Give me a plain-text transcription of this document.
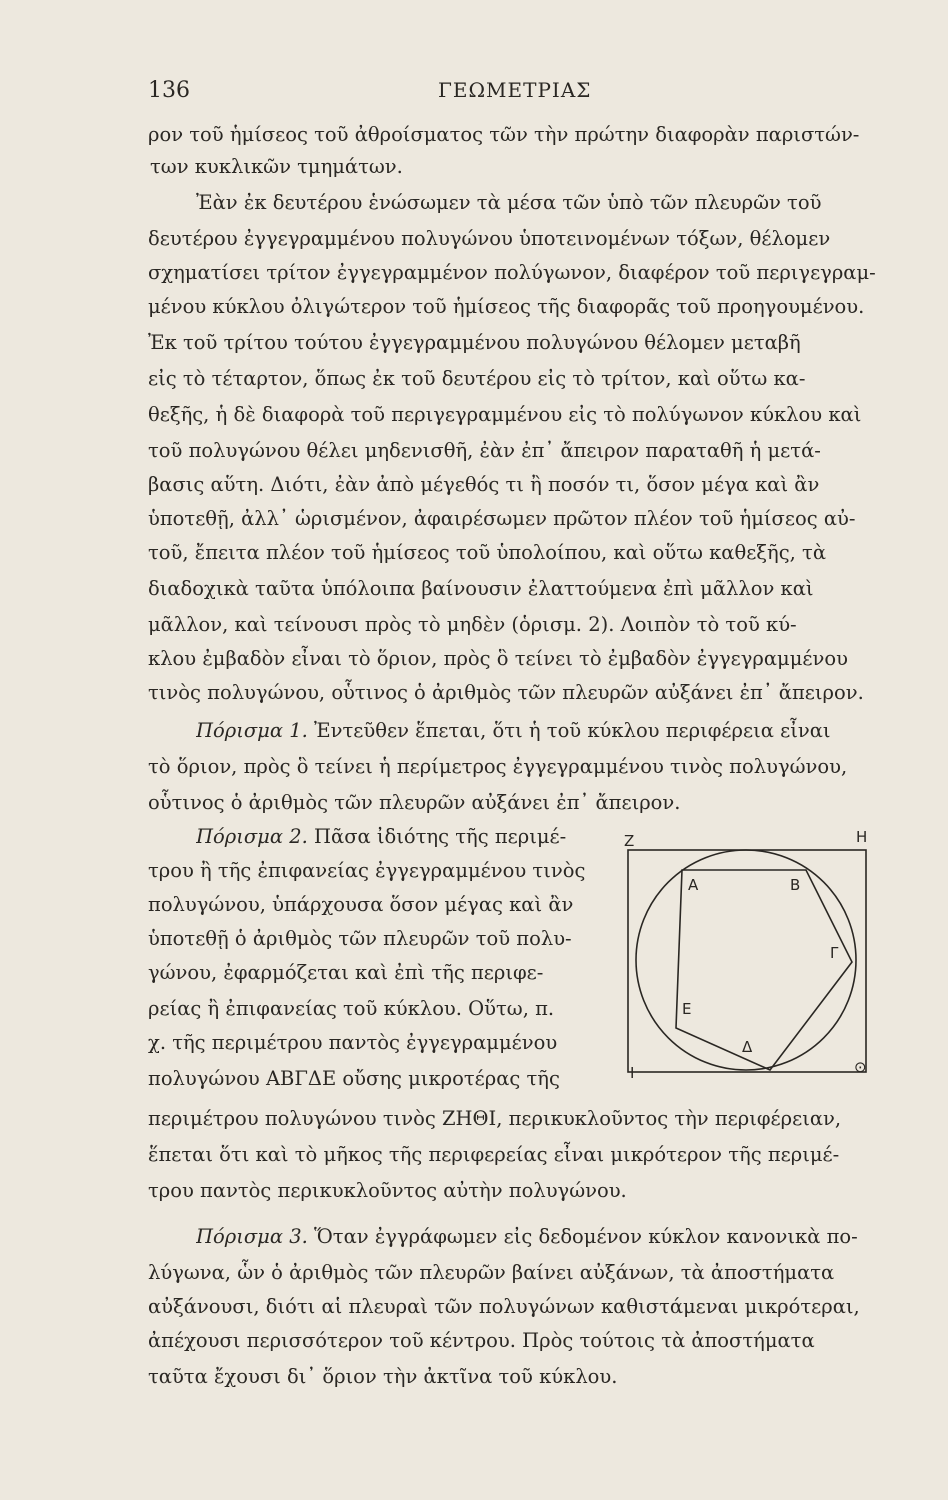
136	ΓΕΩΜΕΤΡΙΑΣ
ρον τοῦ ἡμίσεος τοῦ ἀθροίσματος τῶν τὴν πρώτην διαφορὰν παριστών-
των κυκλικῶν τμημάτων.
Ἐὰν ἐκ δευτέρου ἑνώσωμεν τὰ μέσα τῶν ὑπὸ τῶν πλευρῶν τοῦ
δευτέρου ἐγγεγραμμένου πολυγώνου ὑποτεινομένων τόξων, θέλομεν
σχηματίσει τρίτον ἐγγεγραμμένον πολύγωνον, διαφέρον τοῦ περιγεγραμ-
μένου κύκλου ὀλιγώτερον τοῦ ἡμίσεος τῆς διαφορᾶς τοῦ προηγουμένου.
Ἐκ τοῦ τρίτου τούτου ἐγγεγραμμένου πολυγώνου θέλομεν μεταβῆ
εἰς τὸ τέταρτον, ὅπως ἐκ τοῦ δευτέρου εἰς τὸ τρίτον, καὶ οὕτω κα-
θεξῆς, ἡ δὲ διαφορὰ τοῦ περιγεγραμμένου εἰς τὸ πολύγωνον κύκλου καὶ
τοῦ πολυγώνου θέλει μηδενισθῆ, ἐὰν ἐπ᾽ ἄπειρον παραταθῆ ἡ μετά-
βασις αὕτη. Διότι, ἐὰν ἀπὸ μέγεθός τι ἢ ποσόν τι, ὅσον μέγα καὶ ἂν
ὑποτεθῇ, ἀλλ᾽ ὡρισμένον, ἀφαιρέσωμεν πρῶτον πλέον τοῦ ἡμίσεος αὐ-
τοῦ, ἔπειτα πλέον τοῦ ἡμίσεος τοῦ ὑπολοίπου, καὶ οὕτω καθεξῆς, τὰ
διαδοχικὰ ταῦτα ὑπόλοιπα βαίνουσιν ἐλαττούμενα ἐπὶ μᾶλλον καὶ
μᾶλλον, καὶ τείνουσι πρὸς τὸ μηδὲν (ὁρισμ. 2). Λοιπὸν τὸ τοῦ κύ-
κλου ἐμβαδὸν εἶναι τὸ ὅριον, πρὸς ὃ τείνει τὸ ἐμβαδὸν ἐγγεγραμμένου
τινὸς πολυγώνου, οὗτινος ὁ ἀριθμὸς τῶν πλευρῶν αὐξάνει ἐπ᾽ ἄπειρον.
Πόρισμα 1. Ἐντεῦθεν ἕπεται, ὅτι ἡ τοῦ κύκλου περιφέρεια εἶναι
τὸ ὅριον, πρὸς ὃ τείνει ἡ περίμετρος ἐγγεγραμμένου τινὸς πολυγώνου,
οὗτινος ὁ ἀριθμὸς τῶν πλευρῶν αὐξάνει ἐπ᾽ ἄπειρον.
Πόρισμα 2. Πᾶσα ἰδιότης τῆς περιμέ-
τρου ἢ τῆς ἐπιφανείας ἐγγεγραμμένου τινὸς
πολυγώνου, ὑπάρχουσα ὅσον μέγας καὶ ἂν
ὑποτεθῇ ὁ ἀριθμὸς τῶν πλευρῶν τοῦ πολυ-
γώνου, ἐφαρμόζεται καὶ ἐπὶ τῆς περιφε-
ρείας ἢ ἐπιφανείας τοῦ κύκλου. Οὕτω, π.
χ. τῆς περιμέτρου παντὸς ἐγγεγραμμένου
πολυγώνου ΑΒΓΔΕ οὔσης μικροτέρας τῆς
περιμέτρου πολυγώνου τινὸς ΖΗΘΙ, περικυκλοῦντος τὴν περιφέρειαν,
ἕπεται ὅτι καὶ τὸ μῆκος τῆς περιφερείας εἶναι μικρότερον τῆς περιμέ-
τρου παντὸς περικυκλοῦντος αὐτὴν πολυγώνου.
Πόρισμα 3. Ὅταν ἐγγράφωμεν εἰς δεδομένον κύκλον κανονικὰ πο-
λύγωνα, ὧν ὁ ἀριθμὸς τῶν πλευρῶν βαίνει αὐξάνων, τὰ ἀποστήματα
αὐξάνουσι, διότι αἱ πλευραὶ τῶν πολυγώνων καθιστάμεναι μικρότεραι,
ἀπέχουσι περισσότερον τοῦ κέντρου. Πρὸς τούτοις τὰ ἀποστήματα
ταῦτα ἔχουσι δι᾽ ὅριον τὴν ἀκτῖνα τοῦ κύκλου.
Z	H
A	B
Γ
Ε
Δ
I	⊙
